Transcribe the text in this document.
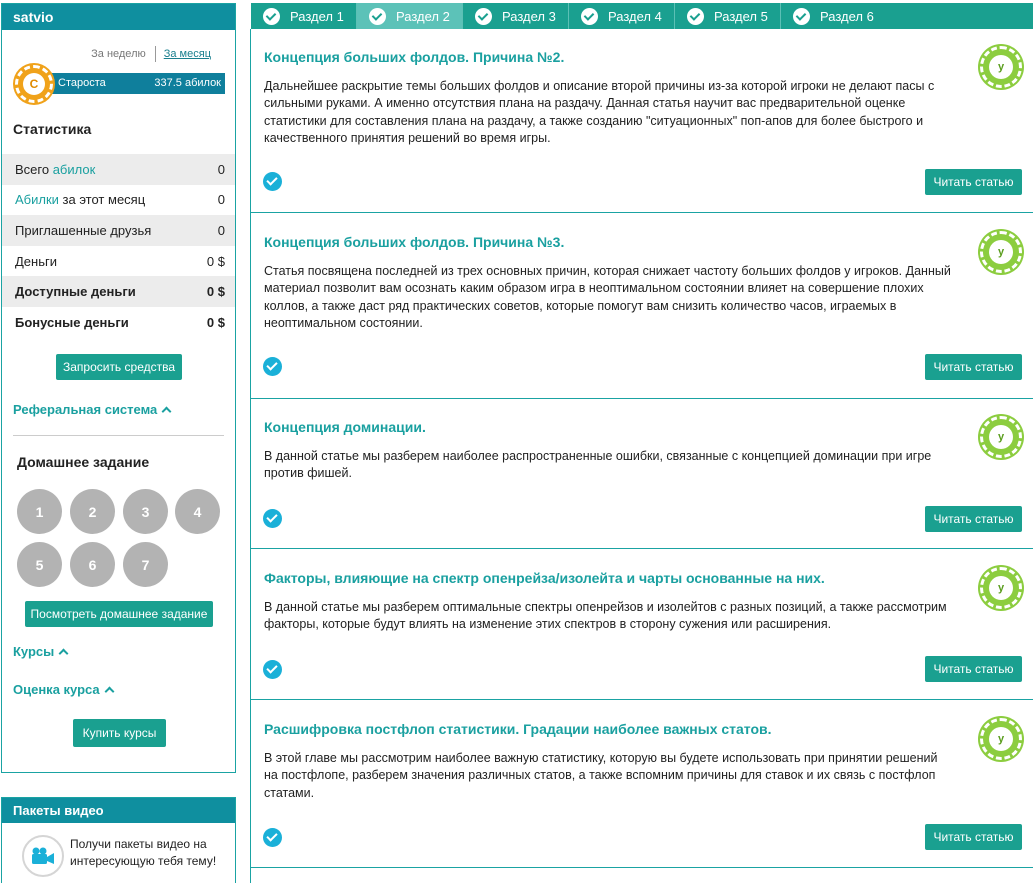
satvio
За неделю За месяц
Староста	337.5 абилок
С
Статистика
Всего абилок	0
Абилки за этот месяц	0
Приглашенные друзья	0
Деньги	0 $
Доступные деньги	0 $
Бонусные деньги	0 $
Запросить средства
Реферальная система
Домашнее задание
1	2	3	4
5	6	7
Посмотреть домашнее задание
Курсы
Оценка курса
Купить курсы
Пакеты видео
Получи пакеты видео на интересующую тебя тему!
Раздел 1	Раздел 2	Раздел 3	Раздел 4	Раздел 5	Раздел 6
Концепция больших фолдов. Причина №2.
Дальнейшее раскрытие темы больших фолдов и описание второй причины из-за которой игроки не делают пасы с сильными руками. А именно отсутствия плана на раздачу. Данная статья научит вас предварительной оценке статистики для составления плана на раздачу, а также созданию "ситуационных" поп-апов для более быстрого и качественного принятия решений во время игры.
у
Читать статью
Концепция больших фолдов. Причина №3.
Статья посвящена последней из трех основных причин, которая снижает частоту больших фолдов у игроков. Данный материал позволит вам осознать каким образом игра в неоптимальном состоянии влияет на совершение плохих коллов, а также даст ряд практических советов, которые помогут вам снизить количество часов, играемых в неоптимальном состоянии.
у
Читать статью
Концепция доминации.
В данной статье мы разберем наиболее распространенные ошибки, связанные с концепцией доминации при игре против фишей.
у
Читать статью
Факторы, влияющие на спектр опенрейза/изолейта и чарты основанные на них.
В данной статье мы разберем оптимальные спектры опенрейзов и изолейтов с разных позиций, а также рассмотрим факторы, которые будут влиять на изменение этих спектров в сторону сужения или расширения.
у
Читать статью
Расшифровка постфлоп статистики. Градации наиболее важных статов.
В этой главе мы рассмотрим наиболее важную статистику, которую вы будете использовать при принятии решений на постфлопе, разберем значения различных статов, а также вспомним причины для ставок и их связь с постфлоп статами.
у
Читать статью
